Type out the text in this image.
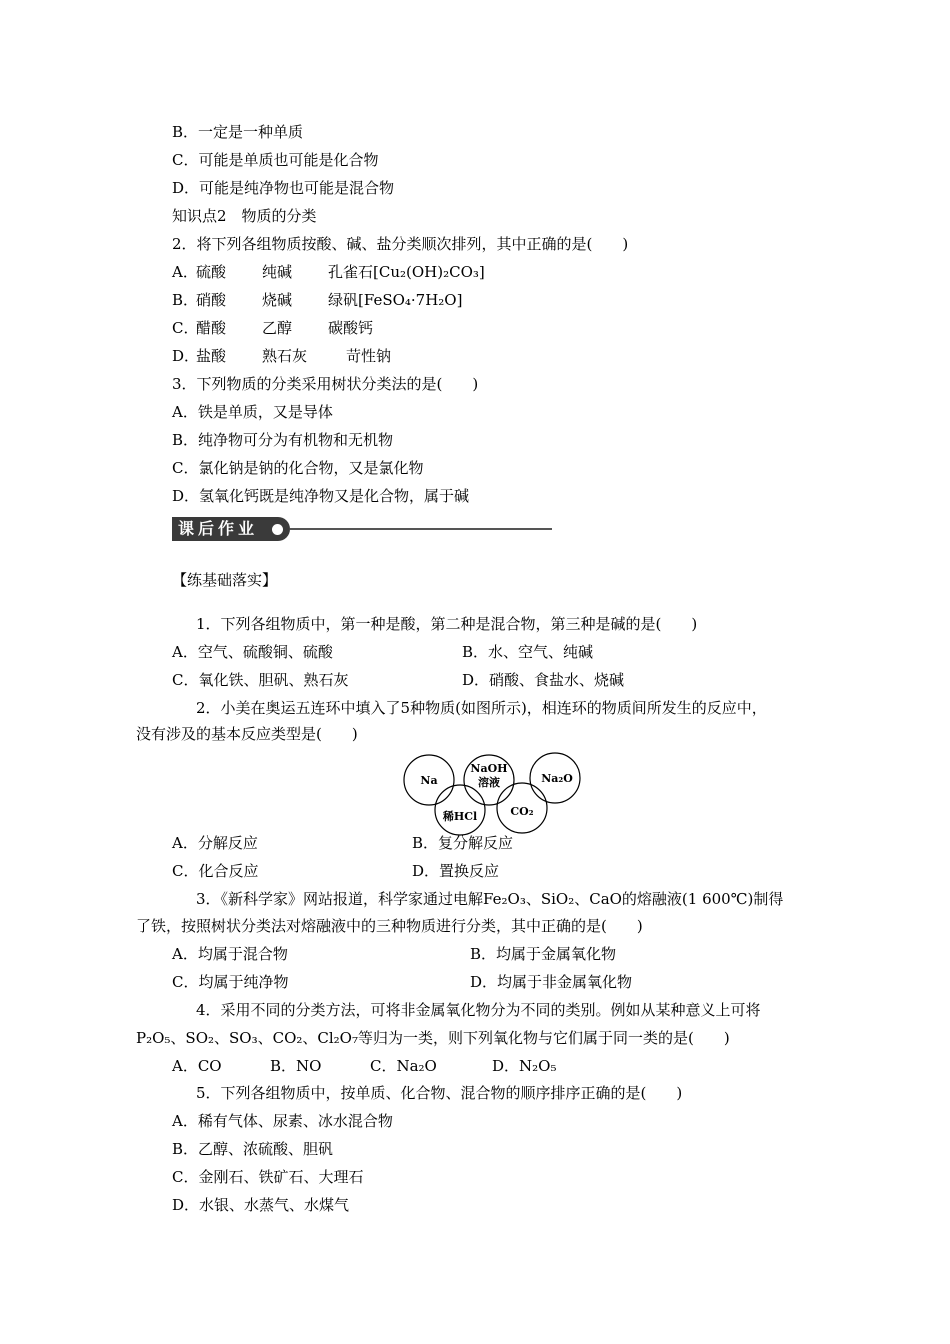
B．一定是一种单质
C．可能是单质也可能是化合物
D．可能是纯净物也可能是混合物
知识点2　物质的分类
2．将下列各组物质按酸、碱、盐分类顺次排列，其中正确的是(　　)
A．
硫酸 纯碱 孔雀石[Cu₂(OH)₂CO₃]
B．
硝酸 烧碱 绿矾[FeSO₄·7H₂O]
C．
醋酸 乙醇 碳酸钙
D．
盐酸 熟石灰	苛性钠
3．下列物质的分类采用树状分类法的是(　　)
A．铁是单质，又是导体
B．纯净物可分为有机物和无机物
C．氯化钠是钠的化合物，又是氯化物
D．氢氧化钙既是纯净物又是化合物，属于碱
课后作业
【练基础落实】
1．下列各组物质中，第一种是酸，第二种是混合物，第三种是碱的是(　　)
A．空气、硫酸铜、硫酸	B．水、空气、纯碱
C．氧化铁、胆矾、熟石灰	D．硝酸、食盐水、烧碱
2．小美在奥运五连环中填入了5种物质(如图所示)，相连环的物质间所发生的反应中，
没有涉及的基本反应类型是(　　)
Na
NaOH
溶液	Na₂O
稀HCl	CO₂
A．分解反应	B．复分解反应
C．化合反应	D．置换反应
3．《新科学家》网站报道，科学家通过电解Fe₂O₃、SiO₂、CaO的熔融液(1 600℃)制得
了铁，按照树状分类法对熔融液中的三种物质进行分类，其中正确的是(　　)
A．均属于混合物	B．均属于金属氧化物
C．均属于纯净物	D．均属于非金属氧化物
4．采用不同的分类方法，可将非金属氧化物分为不同的类别。例如从某种意义上可将
P₂O₅、SO₂、SO₃、CO₂、Cl₂O₇等归为一类，则下列氧化物与它们属于同一类的是(　　)
A．CO	B．NO	C．Na₂O	D．N₂O₅
5．下列各组物质中，按单质、化合物、混合物的顺序排序正确的是(　　)
A．稀有气体、尿素、冰水混合物
B．乙醇、浓硫酸、胆矾
C．金刚石、铁矿石、大理石
D．水银、水蒸气、水煤气
